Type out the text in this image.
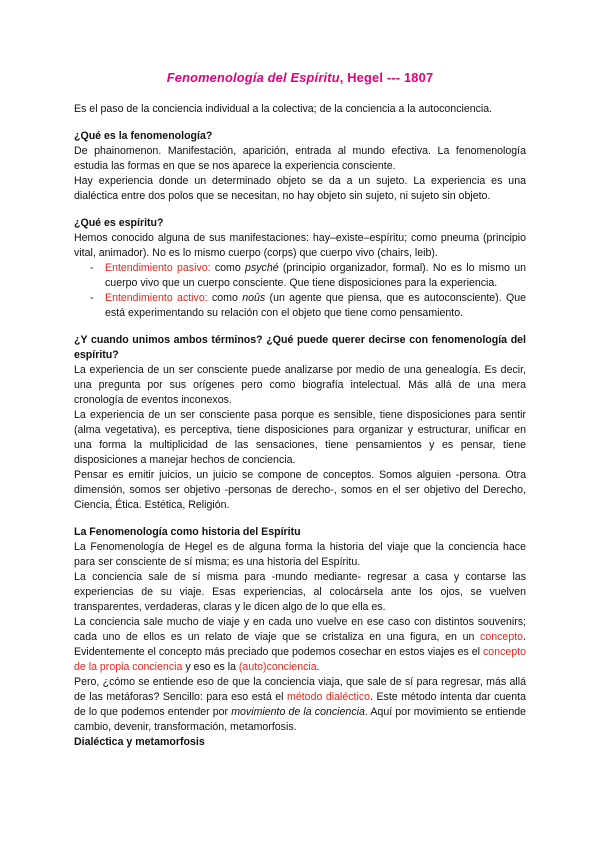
Fenomenología del Espíritu, Hegel --- 1807

Es el paso de la conciencia individual a la colectiva; de la conciencia a la autoconciencia.

¿Qué es la fenomenología?

De phainomenon. Manifestación, aparición, entrada al mundo efectiva. La fenomenología estudia las formas en que se nos aparece la experiencia consciente.

Hay experiencia donde un determinado objeto se da a un sujeto. La experiencia es una dialéctica entre dos polos que se necesitan, no hay objeto sin sujeto, ni sujeto sin objeto.

¿Qué es espíritu?

Hemos conocido alguna de sus manifestaciones: hay–existe–espíritu; como pneuma (principio vital, animador). No es lo mismo cuerpo (corps) que cuerpo vivo (chairs, leib).

- Entendimiento pasivo: como psyché (principio organizador, formal). No es lo mismo un cuerpo vivo que un cuerpo consciente. Que tiene disposiciones para la experiencia.
- Entendimiento activo: como noûs (un agente que piensa, que es autoconsciente). Que está experimentando su relación con el objeto que tiene como pensamiento.

¿Y cuando unimos ambos términos? ¿Qué puede querer decirse con fenomenología del espíritu?

La experiencia de un ser consciente puede analizarse por medio de una genealogía. Es decir, una pregunta por sus orígenes pero como biografía intelectual. Más allá de una mera cronología de eventos inconexos.

La experiencia de un ser consciente pasa porque es sensible, tiene disposiciones para sentir (alma vegetativa), es perceptiva, tiene disposiciones para organizar y estructurar, unificar en una forma la multiplicidad de las sensaciones, tiene pensamientos y es pensar, tiene disposiciones a manejar hechos de conciencia.

Pensar es emitir juicios, un juicio se compone de conceptos. Somos alguien -persona. Otra dimensión, somos ser objetivo -personas de derecho-, somos en el ser objetivo del Derecho, Ciencia, Ética. Estética, Religión.

La Fenomenología como historia del Espíritu

La Fenomenología de Hegel es de alguna forma la historia del viaje que la conciencia hace para ser consciente de sí misma; es una historia del Espíritu.

La conciencia sale de sí misma para -mundo mediante- regresar a casa y contarse las experiencias de su viaje. Esas experiencias, al colocársela ante los ojos, se vuelven transparentes, verdaderas, claras y le dicen algo de lo que ella es.

La conciencia sale mucho de viaje y en cada uno vuelve en ese caso con distintos souvenirs; cada uno de ellos es un relato de viaje que se cristaliza en una figura, en un concepto. Evidentemente el concepto más preciado que podemos cosechar en estos viajes es el concepto de la propia conciencia y eso es la (auto)conciencia.

Pero, ¿cómo se entiende eso de que la conciencia viaja, que sale de sí para regresar, más allá de las metáforas? Sencillo: para eso está el método dialéctico. Este método intenta dar cuenta de lo que podemos entender por movimiento de la conciencia. Aquí por movimiento se entiende cambio, devenir, transformación, metamorfosis.

Dialéctica y metamorfosis
